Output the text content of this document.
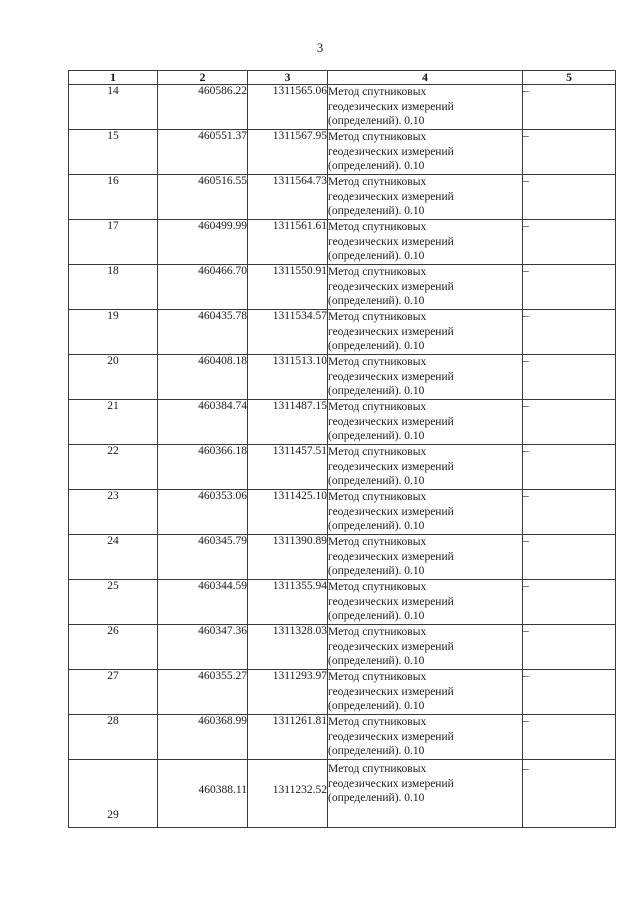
3
1	2	3	4	5
14	460586.22	1311565.06	Метод спутниковых
геодезических измерений
(определений). 0.10	–
15	460551.37	1311567.95	Метод спутниковых
геодезических измерений
(определений). 0.10	–
16	460516.55	1311564.73	Метод спутниковых
геодезических измерений
(определений). 0.10	–
17	460499.99	1311561.61	Метод спутниковых
геодезических измерений
(определений). 0.10	–
18	460466.70	1311550.91	Метод спутниковых
геодезических измерений
(определений). 0.10	–
19	460435.78	1311534.57	Метод спутниковых
геодезических измерений
(определений). 0.10	–
20	460408.18	1311513.10	Метод спутниковых
геодезических измерений
(определений). 0.10	–
21	460384.74	1311487.15	Метод спутниковых
геодезических измерений
(определений). 0.10	–
22	460366.18	1311457.51	Метод спутниковых
геодезических измерений
(определений). 0.10	–
23	460353.06	1311425.10	Метод спутниковых
геодезических измерений
(определений). 0.10	–
24	460345.79	1311390.89	Метод спутниковых
геодезических измерений
(определений). 0.10	–
25	460344.59	1311355.94	Метод спутниковых
геодезических измерений
(определений). 0.10	–
26	460347.36	1311328.03	Метод спутниковых
геодезических измерений
(определений). 0.10	–
27	460355.27	1311293.97	Метод спутниковых
геодезических измерений
(определений). 0.10	–
28	460368.99	1311261.81	Метод спутниковых
геодезических измерений
(определений). 0.10	–
29	460388.11	1311232.52	Метод спутниковых
геодезических измерений
(определений). 0.10	–
